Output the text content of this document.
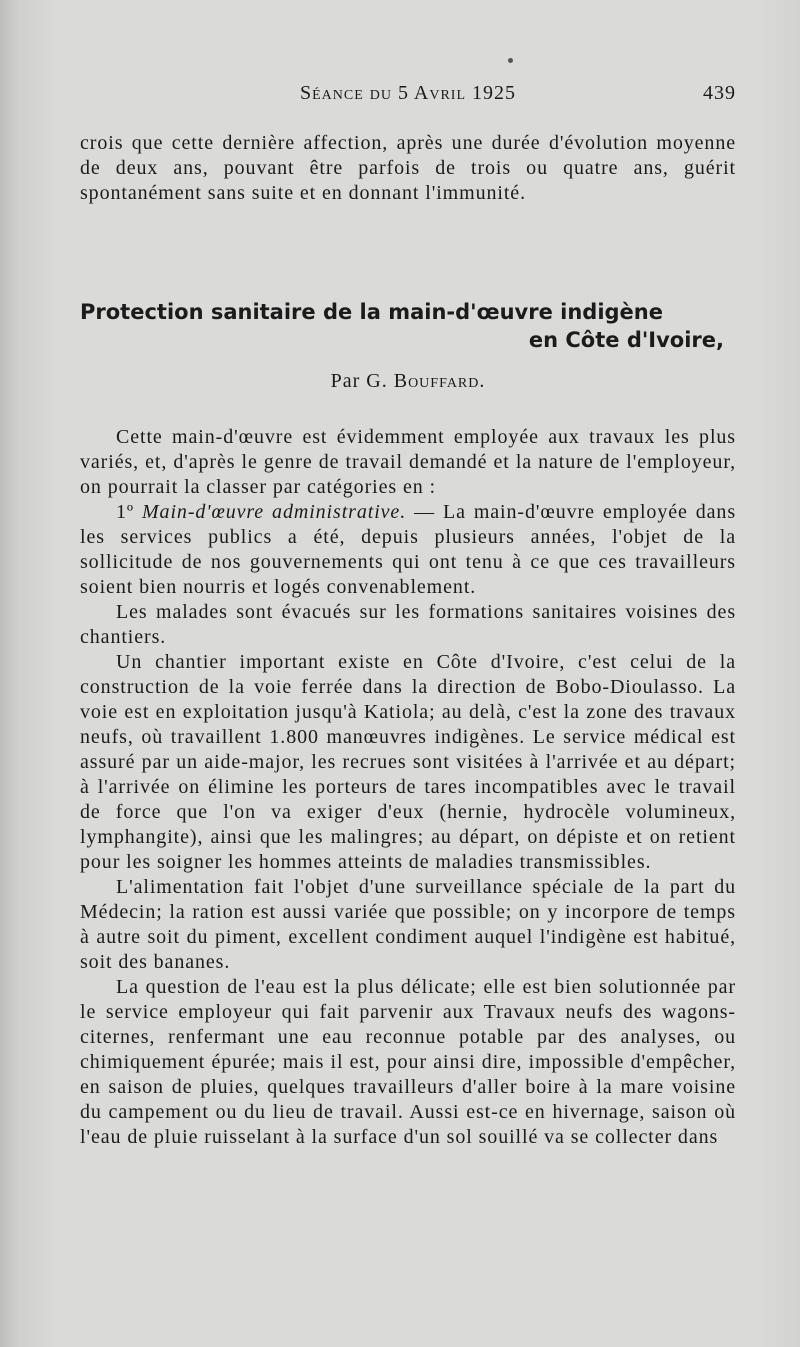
Séance du 5 Avril 1925	439
crois que cette dernière affection, après une durée d'évolution moyenne de deux ans, pouvant être parfois de trois ou quatre ans, guérit spontanément sans suite et en donnant l'immunité.
Protection sanitaire de la main-d'œuvre indigène
en Côte d'Ivoire,
Par G. Bouffard.

Cette main-d'œuvre est évidemment employée aux travaux les plus variés, et, d'après le genre de travail demandé et la nature de l'employeur, on pourrait la classer par catégories en :

1º Main-d'œuvre administrative. — La main-d'œuvre employée dans les services publics a été, depuis plusieurs années, l'objet de la sollicitude de nos gouvernements qui ont tenu à ce que ces travailleurs soient bien nourris et logés convenablement.

Les malades sont évacués sur les formations sanitaires voisines des chantiers.

Un chantier important existe en Côte d'Ivoire, c'est celui de la construction de la voie ferrée dans la direction de Bobo-Dioulasso. La voie est en exploitation jusqu'à Katiola; au delà, c'est la zone des travaux neufs, où travaillent 1.800 manœuvres indigènes. Le service médical est assuré par un aide-major, les recrues sont visitées à l'arrivée et au départ; à l'arrivée on élimine les porteurs de tares incompatibles avec le travail de force que l'on va exiger d'eux (hernie, hydrocèle volumineux, lymphangite), ainsi que les malingres; au départ, on dépiste et on retient pour les soigner les hommes atteints de maladies transmissibles.

L'alimentation fait l'objet d'une surveillance spéciale de la part du Médecin; la ration est aussi variée que possible; on y incorpore de temps à autre soit du piment, excellent condiment auquel l'indigène est habitué, soit des bananes.

La question de l'eau est la plus délicate; elle est bien solutionnée par le service employeur qui fait parvenir aux Travaux neufs des wagons-citernes, renfermant une eau reconnue potable par des analyses, ou chimiquement épurée; mais il est, pour ainsi dire, impossible d'empêcher, en saison de pluies, quelques travailleurs d'aller boire à la mare voisine du campement ou du lieu de travail. Aussi est-ce en hivernage, saison où l'eau de pluie ruisselant à la surface d'un sol souillé va se collecter dans
